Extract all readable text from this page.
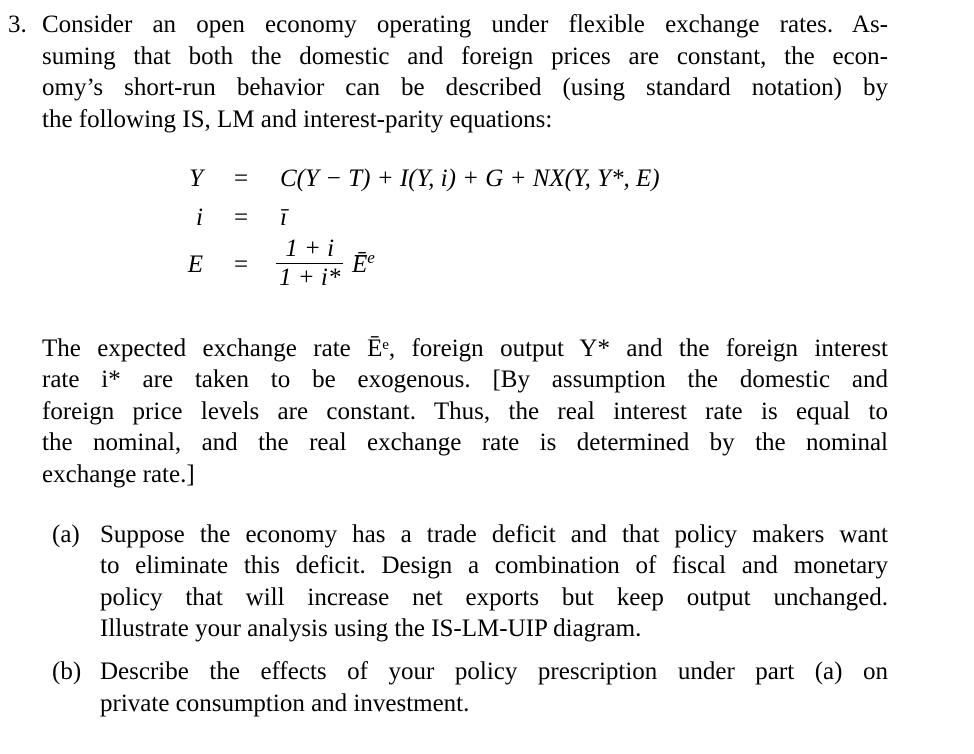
3. Consider an open economy operating under flexible exchange rates. As-
suming that both the domestic and foreign prices are constant, the econ-
omy’s short-run behavior can be described (using standard notation) by
the following IS, LM and interest-parity equations:
Y	=	C(Y − T) + I(Y, i) + G + NX(Y, Y*, E)
i	=	ī
E	=	$\frac{1 + i}{1 + i*}$ $Ē^e$
The expected exchange rate Ēᵉ, foreign output Y* and the foreign interest
rate i* are taken to be exogenous. [By assumption the domestic and
foreign price levels are constant. Thus, the real interest rate is equal to
the nominal, and the real exchange rate is determined by the nominal
exchange rate.]
(a) Suppose the economy has a trade deficit and that policy makers want
to eliminate this deficit. Design a combination of fiscal and monetary
policy that will increase net exports but keep output unchanged.
Illustrate your analysis using the IS-LM-UIP diagram.
(b) Describe the effects of your policy prescription under part (a) on
private consumption and investment.
